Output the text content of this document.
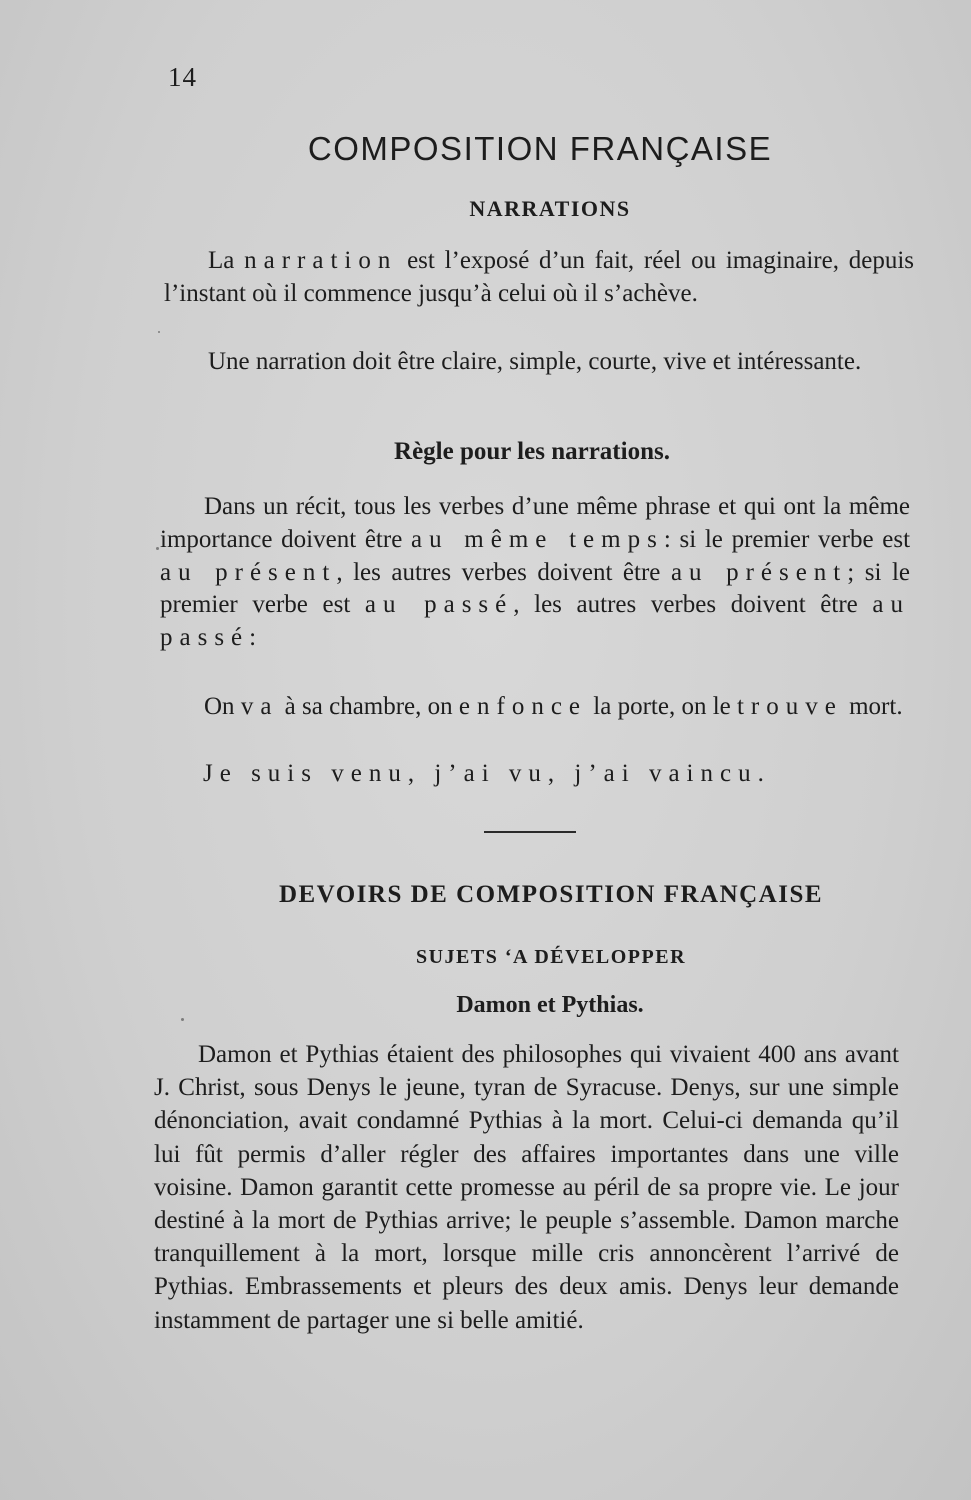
14
COMPOSITION FRANÇAISE
NARRATIONS
La narration est l’exposé d’un fait, réel ou imaginaire, depuis l’instant où il commence jusqu’à celui où il s’achève.
Une narration doit être claire, simple, courte, vive et intéressante.
Règle pour les narrations.
Dans un récit, tous les verbes d’une même phrase et qui ont la même importance doivent être au même temps: si le premier verbe est au présent, les autres verbes doivent être au présent; si le premier verbe est au passé, les autres verbes doivent être au passé:
On va à sa chambre, on enfonce la porte, on le trouve mort.
Je suis venu, j’ai vu, j’ai vaincu.
DEVOIRS DE COMPOSITION FRANÇAISE
SUJETS ‘A DÉVELOPPER
Damon et Pythias.
Damon et Pythias étaient des philosophes qui vivaient 400 ans avant J. Christ, sous Denys le jeune, tyran de Syracuse. Denys, sur une simple dénonciation, avait condamné Pythias à la mort. Celui-ci demanda qu’il lui fût permis d’aller régler des affaires importantes dans une ville voisine. Damon garantit cette promesse au péril de sa propre vie. Le jour destiné à la mort de Pythias arrive; le peuple s’assemble. Damon marche tranquillement à la mort, lorsque mille cris annoncèrent l’arrivé de Pythias. Embrassements et pleurs des deux amis. Denys leur demande instamment de partager une si belle amitié.
